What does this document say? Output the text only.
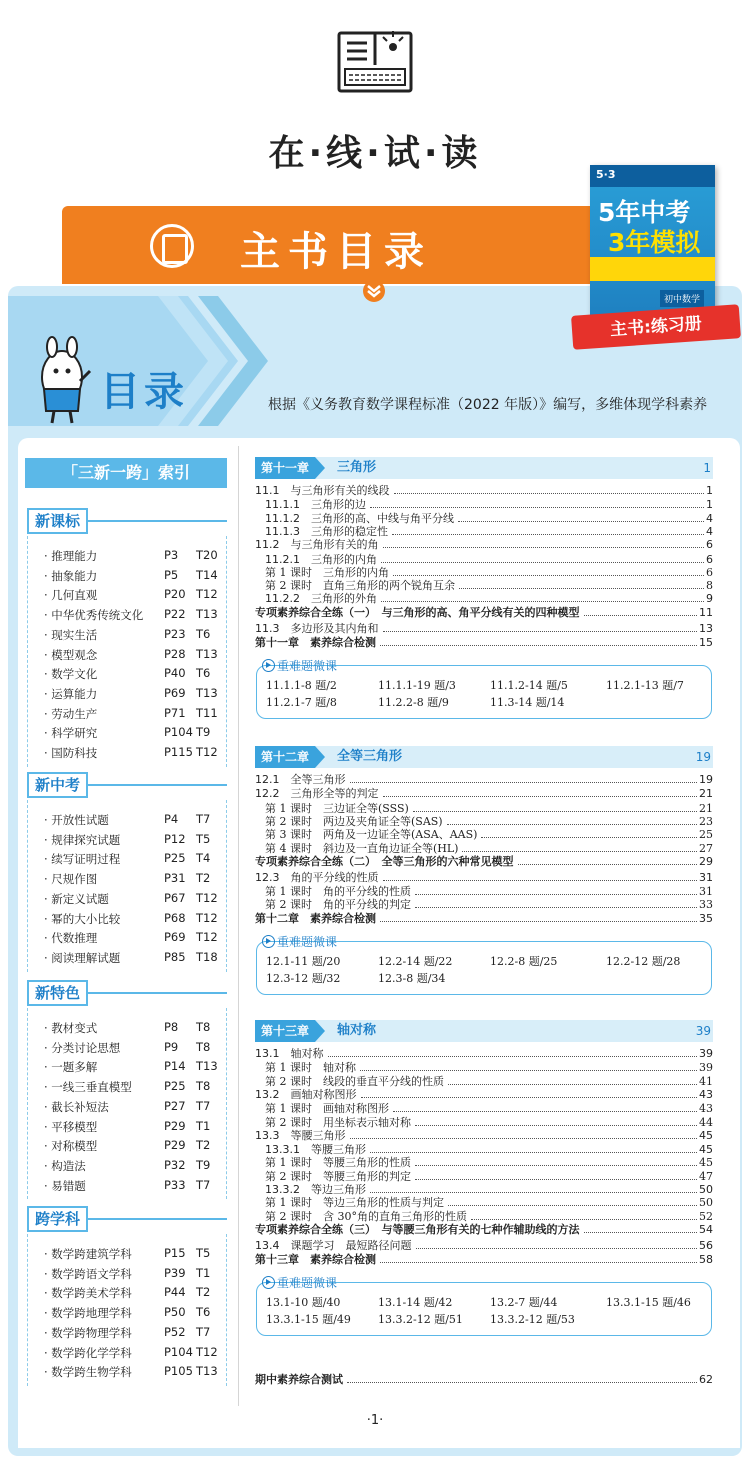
在·线·试·读
主书目录
5·3
5年中考
3年模拟
初中数学
主书:练习册
目录	根据《义务教育数学课程标准（2022 年版）》编写，多维体现学科素养
「三新一跨」索引
新课标
· 推理能力	P3 T20
· 抽象能力	P5 T14
· 几何直观	P20 T12
· 中华优秀传统文化 P22 T13
· 现实生活	P23 T6
· 模型观念	P28 T13
· 数学文化	P40 T6
· 运算能力	P69 T13
· 劳动生产	P71 T11
· 科学研究	P104 T9
· 国防科技	P115 T12
新中考
· 开放性试题	P4 T7
· 规律探究试题	P12 T5
· 续写证明过程	P25 T4
· 尺规作图	P31 T2
· 新定义试题	P67 T12
· 幂的大小比较	P68 T12
· 代数推理	P69 T12
· 阅读理解试题	P85 T18
新特色
· 教材变式	P8 T8
· 分类讨论思想	P9 T8
· 一题多解	P14 T13
· 一线三垂直模型	P25 T8
· 截长补短法	P27 T7
· 平移模型	P29 T1
· 对称模型	P29 T2
· 构造法	P32 T9
· 易错题	P33 T7
跨学科
· 数学跨建筑学科	P15 T5
· 数学跨语文学科	P39 T1
· 数学跨美术学科	P44 T2
· 数学跨地理学科	P50 T6
· 数学跨物理学科	P52 T7
· 数学跨化学学科	P104 T12
· 数学跨生物学科	P105 T13
第十一章	三角形	1
11.1　与三角形有关的线段	1
11.1.1　三角形的边	1
11.1.2　三角形的高、中线与角平分线	4
11.1.3　三角形的稳定性	4
11.2　与三角形有关的角	6
11.2.1　三角形的内角	6
第 1 课时　三角形的内角	6
第 2 课时　直角三角形的两个锐角互余	8
11.2.2　三角形的外角	9
专项素养综合全练（一）　与三角形的高、角平分线有关的四种模型	11
11.3　多边形及其内角和	13
第十一章　素养综合检测	15
重难题微课
11.1.1-8 题/2	11.1.1-19 题/3	11.1.2-14 题/5	11.2.1-13 题/7
11.2.1-7 题/8	11.2.2-8 题/9	11.3-14 题/14
第十二章	全等三角形	19
12.1　全等三角形	19
12.2　三角形全等的判定	21
第 1 课时　三边证全等(SSS)	21
第 2 课时　两边及夹角证全等(SAS)	23
第 3 课时　两角及一边证全等(ASA、AAS)	25
第 4 课时　斜边及一直角边证全等(HL)	27
专项素养综合全练（二）　全等三角形的六种常见模型	29
12.3　角的平分线的性质	31
第 1 课时　角的平分线的性质	31
第 2 课时　角的平分线的判定	33
第十二章　素养综合检测	35
重难题微课
12.1-11 题/20	12.2-14 题/22	12.2-8 题/25	12.2-12 题/28
12.3-12 题/32	12.3-8 题/34
第十三章	轴对称	39
13.1　轴对称	39
第 1 课时　轴对称	39
第 2 课时　线段的垂直平分线的性质	41
13.2　画轴对称图形	43
第 1 课时　画轴对称图形	43
第 2 课时　用坐标表示轴对称	44
13.3　等腰三角形	45
13.3.1　等腰三角形	45
第 1 课时　等腰三角形的性质	45
第 2 课时　等腰三角形的判定	47
13.3.2　等边三角形	50
第 1 课时　等边三角形的性质与判定	50
第 2 课时　含 30°角的直角三角形的性质	52
专项素养综合全练（三）　与等腰三角形有关的七种作辅助线的方法	54
13.4　课题学习　最短路径问题	56
第十三章　素养综合检测	58
重难题微课
13.1-10 题/40	13.1-14 题/42	13.2-7 题/44	13.3.1-15 题/46
13.3.1-15 题/49 13.3.2-12 题/51 13.3.2-12 题/53
期中素养综合测试	62
·1·
